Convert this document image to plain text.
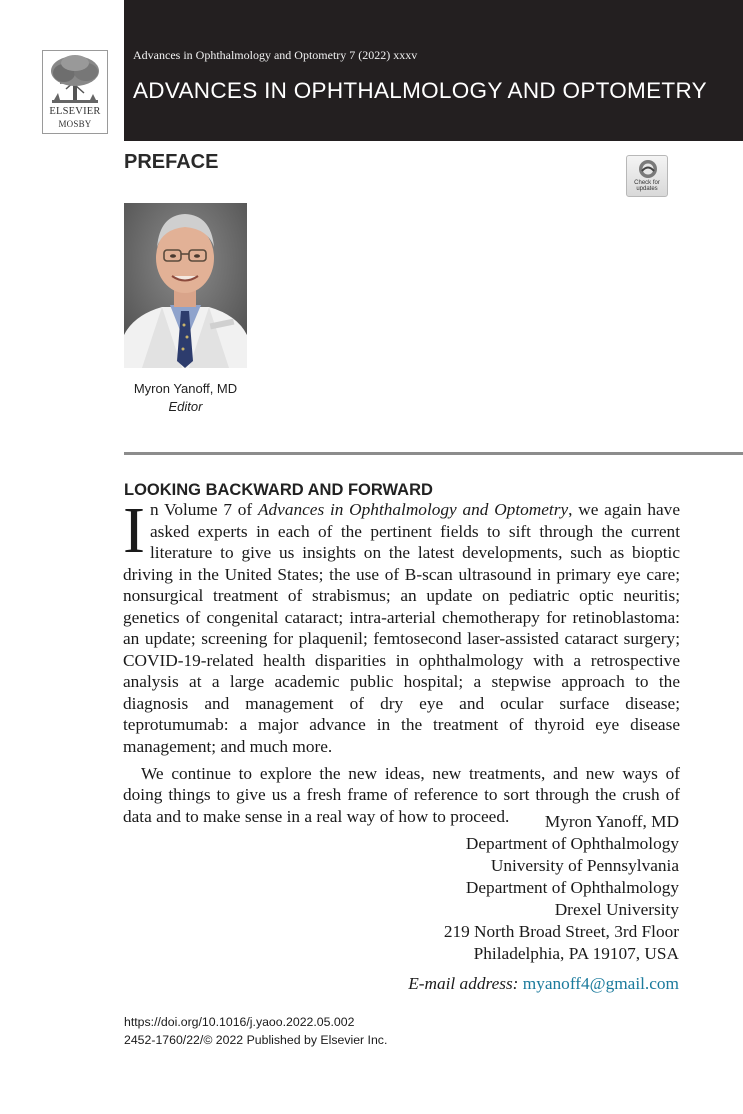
ELSEVIER
MOSBY
Advances in Ophthalmology and Optometry 7 (2022) xxxv
ADVANCES IN OPHTHALMOLOGY AND OPTOMETRY
PREFACE
Check for updates
Myron Yanoff, MD
Editor
LOOKING BACKWARD AND FORWARD

In Volume 7 of Advances in Ophthalmology and Optometry, we again have asked experts in each of the pertinent fields to sift through the current literature to give us insights on the latest developments, such as bioptic driving in the United States; the use of B-scan ultrasound in primary eye care; nonsurgical treatment of strabismus; an update on pediatric optic neuritis; genetics of congenital cataract; intra-arterial chemotherapy for retinoblastoma: an update; screening for plaquenil; femtosecond laser-assisted cataract surgery; COVID-19-related health disparities in ophthalmology with a retrospective analysis at a large academic public hospital; a stepwise approach to the diagnosis and management of dry eye and ocular surface disease; teprotumumab: a major advance in the treatment of thyroid eye disease management; and much more.

We continue to explore the new ideas, new treatments, and new ways of doing things to give us a fresh frame of reference to sort through the crush of data and to make sense in a real way of how to proceed.	Myron Yanoff, MD
Department of Ophthalmology
University of Pennsylvania
Department of Ophthalmology
Drexel University
219 North Broad Street, 3rd Floor
Philadelphia, PA 19107, USA
E-mail address: myanoff4@gmail.com
https://doi.org/10.1016/j.yaoo.2022.05.002
2452-1760/22/© 2022 Published by Elsevier Inc.
